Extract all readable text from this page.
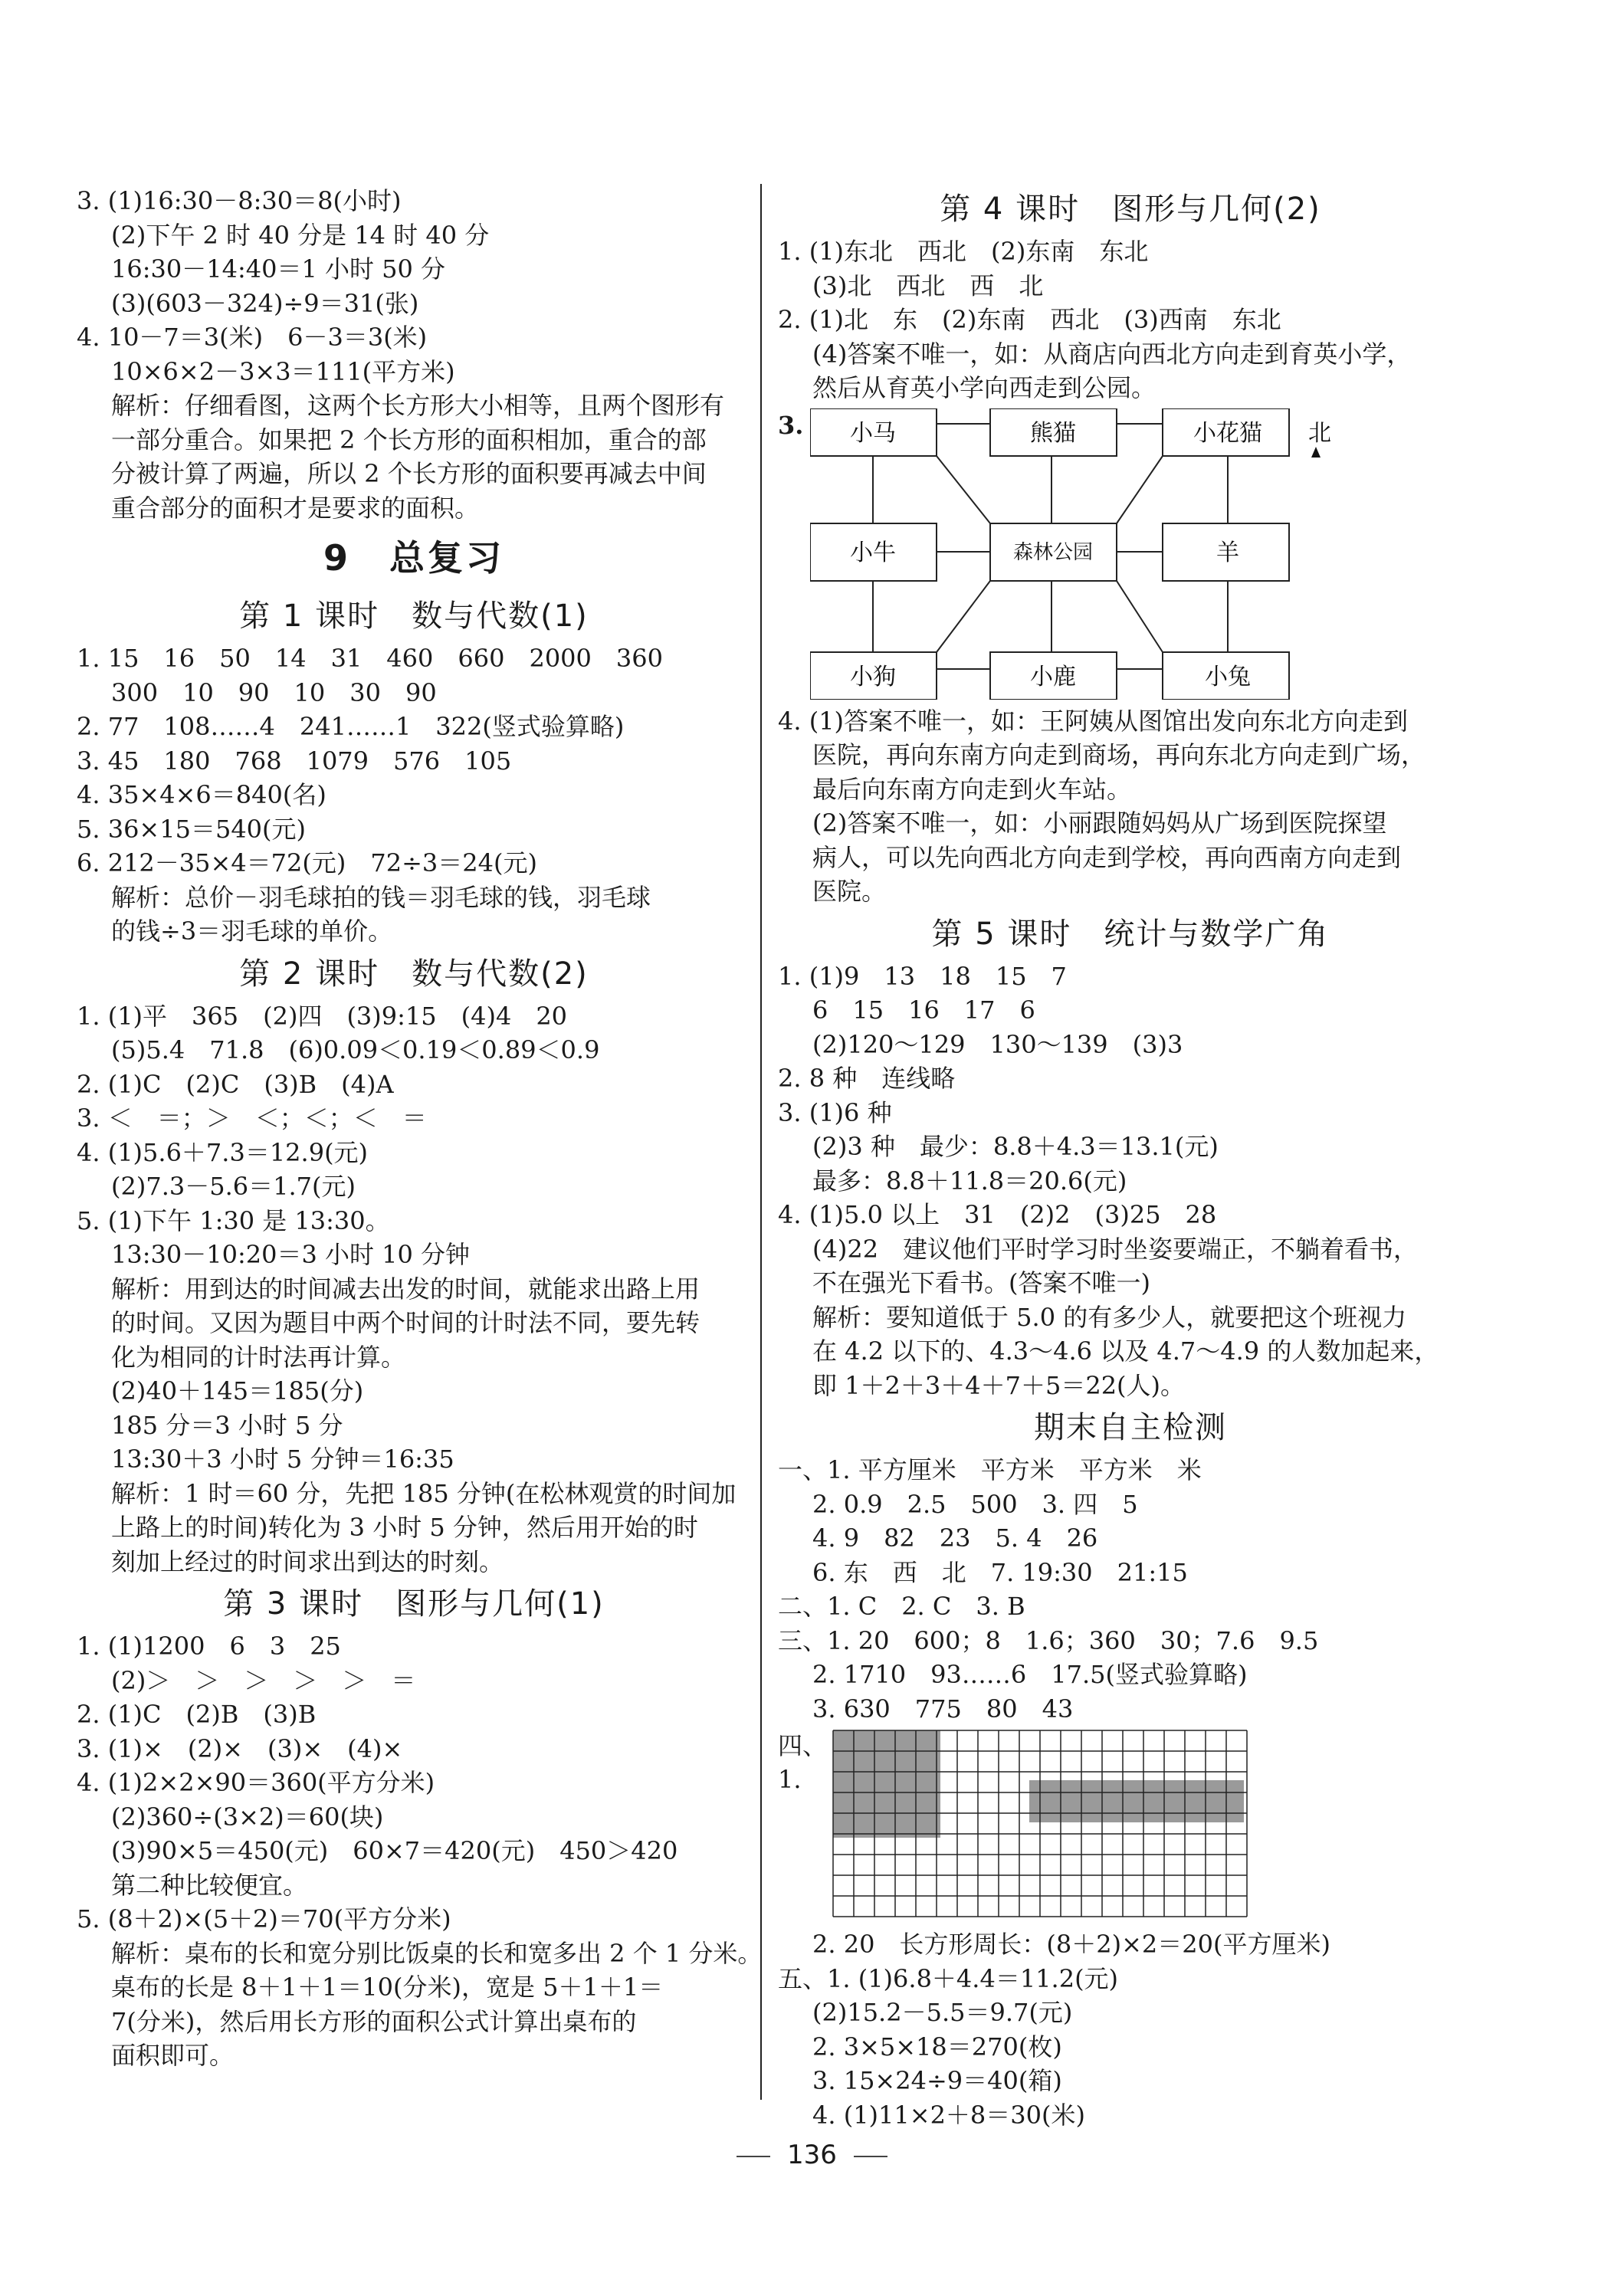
3. (1)16:30－8:30＝8(小时)
(2)下午 2 时 40 分是 14 时 40 分
16:30－14:40＝1 小时 50 分
(3)(603－324)÷9＝31(张)
4. 10－7＝3(米)　6－3＝3(米)
10×6×2－3×3＝111(平方米)
解析：仔细看图，这两个长方形大小相等，且两个图形有
一部分重合。如果把 2 个长方形的面积相加，重合的部
分被计算了两遍，所以 2 个长方形的面积要再减去中间
重合部分的面积才是要求的面积。
9　总复习
第 1 课时　数与代数(1)
1. 15　16　50　14　31　460　660　2000　360
300　10　90　10　30　90
2. 77　108……4　241……1　322(竖式验算略)
3. 45　180　768　1079　576　105
4. 35×4×6＝840(名)
5. 36×15＝540(元)
6. 212－35×4＝72(元)　72÷3＝24(元)
解析：总价－羽毛球拍的钱＝羽毛球的钱，羽毛球
的钱÷3＝羽毛球的单价。
第 2 课时　数与代数(2)
1. (1)平　365　(2)四　(3)9:15　(4)4　20
(5)5.4　71.8　(6)0.09＜0.19＜0.89＜0.9
2. (1)C　(2)C　(3)B　(4)A
3. ＜　＝；＞　＜；＜；＜　＝
4. (1)5.6＋7.3＝12.9(元)
(2)7.3－5.6＝1.7(元)
5. (1)下午 1:30 是 13:30。
13:30－10:20＝3 小时 10 分钟
解析：用到达的时间减去出发的时间，就能求出路上用
的时间。又因为题目中两个时间的计时法不同，要先转
化为相同的计时法再计算。
(2)40＋145＝185(分)
185 分＝3 小时 5 分
13:30＋3 小时 5 分钟＝16:35
解析：1 时＝60 分，先把 185 分钟(在松林观赏的时间加
上路上的时间)转化为 3 小时 5 分钟，然后用开始的时
刻加上经过的时间求出到达的时刻。
第 3 课时　图形与几何(1)
1. (1)1200　6　3　25
(2)＞　＞　＞　＞　＞　＝
2. (1)C　(2)B　(3)B
3. (1)×　(2)×　(3)×　(4)×
4. (1)2×2×90＝360(平方分米)
(2)360÷(3×2)＝60(块)
(3)90×5＝450(元)　60×7＝420(元)　450＞420
第二种比较便宜。
5. (8＋2)×(5＋2)＝70(平方分米)
解析：桌布的长和宽分别比饭桌的长和宽多出 2 个 1 分米。
桌布的长是 8＋1＋1＝10(分米)，宽是 5＋1＋1＝
7(分米)，然后用长方形的面积公式计算出桌布的
面积即可。
第 4 课时　图形与几何(2)
1. (1)东北　西北　(2)东南　东北
(3)北　西北　西　北
2. (1)北　东　(2)东南　西北　(3)西南　东北
(4)答案不唯一，如：从商店向西北方向走到育英小学，
然后从育英小学向西走到公园。
3. 小马	熊猫	小花猫
小牛	森林公园	羊
小狗	小鹿	小兔
北
4. (1)答案不唯一，如：王阿姨从图馆出发向东北方向走到
医院，再向东南方向走到商场，再向东北方向走到广场，
最后向东南方向走到火车站。
(2)答案不唯一，如：小丽跟随妈妈从广场到医院探望
病人，可以先向西北方向走到学校，再向西南方向走到
医院。
第 5 课时　统计与数学广角
1. (1)9　13　18　15　7
6　15　16　17　6
(2)120～129　130～139　(3)3
2. 8 种　连线略
3. (1)6 种
(2)3 种　最少：8.8＋4.3＝13.1(元)
最多：8.8＋11.8＝20.6(元)
4. (1)5.0 以上　31　(2)2　(3)25　28
(4)22　建议他们平时学习时坐姿要端正，不躺着看书，
不在强光下看书。(答案不唯一)
解析：要知道低于 5.0 的有多少人，就要把这个班视力
在 4.2 以下的、4.3～4.6 以及 4.7～4.9 的人数加起来，
即 1＋2＋3＋4＋7＋5＝22(人)。
期末自主检测
一、1. 平方厘米　平方米　平方米　米
2. 0.9　2.5　500　3. 四　5
4. 9　82　23　5. 4　26
6. 东　西　北　7. 19:30　21:15
二、1. C　2. C　3. B
三、1. 20　600；8　1.6；360　30；7.6　9.5
2. 1710　93……6　17.5(竖式验算略)
3. 630　775　80　43
四、1.
2. 20　长方形周长：(8＋2)×2＝20(平方厘米)
五、1. (1)6.8＋4.4＝11.2(元)
(2)15.2－5.5＝9.7(元)
2. 3×5×18＝270(枚)
3. 15×24÷9＝40(箱)
4. (1)11×2＋8＝30(米)
136
